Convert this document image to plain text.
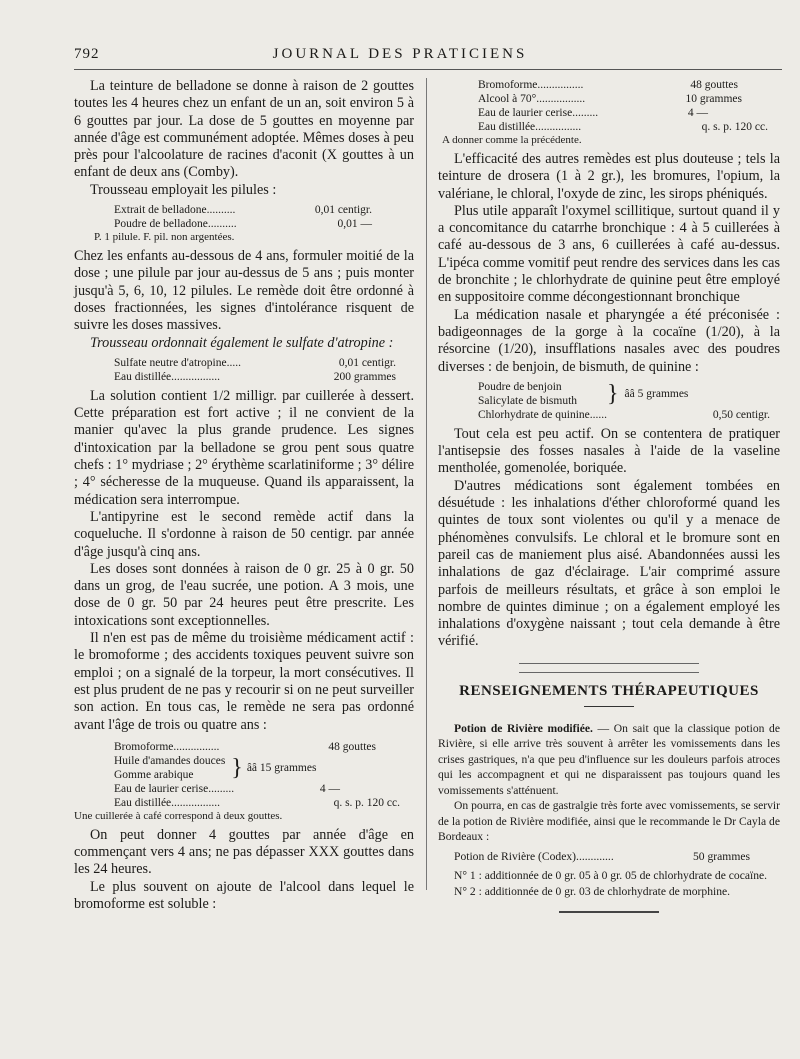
792	JOURNAL DES PRATICIENS

La teinture de belladone se donne à raison de 2 gouttes toutes les 4 heures chez un enfant de un an, soit environ 5 à 6 gouttes par jour. La dose de 5 gouttes en moyenne par année d'âge est communément adoptée. Mêmes doses à peu près pour l'alcoolature de racines d'aconit (X gouttes à un enfant de deux ans (Comby).

Trousseau employait les pilules :

Extrait de belladone ..........	0,01 centigr.
Poudre de belladone ..........	0,01 —
P. 1 pilule. F. pil. non argentées.

Chez les enfants au-dessous de 4 ans, formuler moitié de la dose ; une pilule par jour au-dessus de 5 ans ; puis monter jusqu'à 5, 6, 10, 12 pilules. Le remède doit être ordonné à doses fractionnées, les signes d'intolérance risquent de suivre les doses massives.

Trousseau ordonnait également le sulfate d'atropine :

Sulfate neutre d'atropine .....	0,01 centigr.
Eau distillée .................	200 grammes

La solution contient 1/2 milligr. par cuillerée à dessert. Cette préparation est fort active ; il ne convient de la manier qu'avec la plus grande prudence. Les signes d'intoxication par la belladone se grou pent sous quatre chefs : 1° mydriase ; 2° érythème scarlatiniforme ; 3° délire ; 4° sécheresse de la muqueuse. Quand ils apparaissent, la médication sera interrompue.

L'antipyrine est le second remède actif dans la coqueluche. Il s'ordonne à raison de 50 centigr. par année d'âge jusqu'à cinq ans.

Les doses sont données à raison de 0 gr. 25 à 0 gr. 50 dans un grog, de l'eau sucrée, une potion. A 3 mois, une dose de 0 gr. 50 par 24 heures peut être prescrite. Les intoxications sont exceptionnelles.

Il n'en est pas de même du troisième médicament actif : le bromoforme ; des accidents toxiques peuvent suivre son emploi ; on a signalé de la torpeur, la mort consécutives. Il est plus prudent de ne pas y recourir si on ne peut surveiller son action. En tous cas, le remède ne sera pas ordonné avant l'âge de trois ou quatre ans :

Bromoforme ................	48 gouttes
Huile d'amandes douces
Gomme arabique	} ââ 15 grammes
Eau de laurier cerise .........	4 —
Eau distillée .................	q. s. p. 120 cc.
Une cuillerée à café correspond à deux gouttes.

On peut donner 4 gouttes par année d'âge en commençant vers 4 ans; ne pas dépasser XXX gouttes dans les 24 heures.

Le plus souvent on ajoute de l'alcool dans lequel le bromoforme est soluble :

Bromoforme ................	48 gouttes
Alcool à 70° .................	10 grammes
Eau de laurier cerise .........	4 —
Eau distillée ................	q. s. p. 120 cc.
A donner comme la précédente.

L'efficacité des autres remèdes est plus douteuse ; tels la teinture de drosera (1 à 2 gr.), les bromures, l'opium, la valériane, le chloral, l'oxyde de zinc, les sirops phéniqués.

Plus utile apparaît l'oxymel scillitique, surtout quand il y a concomitance du catarrhe bronchique : 4 à 5 cuillerées à café au-dessous de 3 ans, 6 cuillerées à café au-dessus. L'ipéca comme vomitif peut rendre des services dans les cas de bronchite ; le chlorhydrate de quinine peut être employé en suppositoire comme décongestionnant bronchique

La médication nasale et pharyngée a été préconisée : badigeonnages de la gorge à la cocaïne (1/20), à la résorcine (1/20), insufflations nasales avec des poudres diverses : de benjoin, de bismuth, de quinine :

Poudre de benjoin
Salicylate de bismuth } ââ 5 grammes
Chlorhydrate de quinine ......	0,50 centigr.

Tout cela est peu actif. On se contentera de pratiquer l'antisepsie des fosses nasales à l'aide de la vaseline mentholée, gomenolée, boriquée.

D'autres médications sont également tombées en désuétude : les inhalations d'éther chloroformé quand les quintes de toux sont violentes ou qu'il y a menace de phénomènes convulsifs. Le chloral et le bromure sont en pareil cas de maniement plus aisé. Abandonnées aussi les inhalations de gaz d'éclairage. L'air comprimé assure parfois de meilleurs résultats, et grâce à son emploi le nombre de quintes diminue ; on a également employé les inhalations d'oxygène naissant ; tout cela demande à être vérifié.

RENSEIGNEMENTS THÉRAPEUTIQUES

Potion de Rivière modifiée. — On sait que la classique potion de Rivière, si elle arrive très souvent à arrêter les vomissements dans les crises gastriques, n'a que peu d'influence sur les douleurs parfois atroces qui les accompagnent et qui ne disparaissent pas toujours quand les vomissements s'atténuent.

On pourra, en cas de gastralgie très forte avec vomissements, se servir de la potion de Rivière modifiée, ainsi que le recommande le Dr Cayla de Bordeaux :

Potion de Rivière (Codex) .............	50 grammes

N° 1 : additionnée de 0 gr. 05 à 0 gr. 05 de chlorhydrate de cocaïne.

N° 2 : additionnée de 0 gr. 03 de chlorhydrate de morphine.
